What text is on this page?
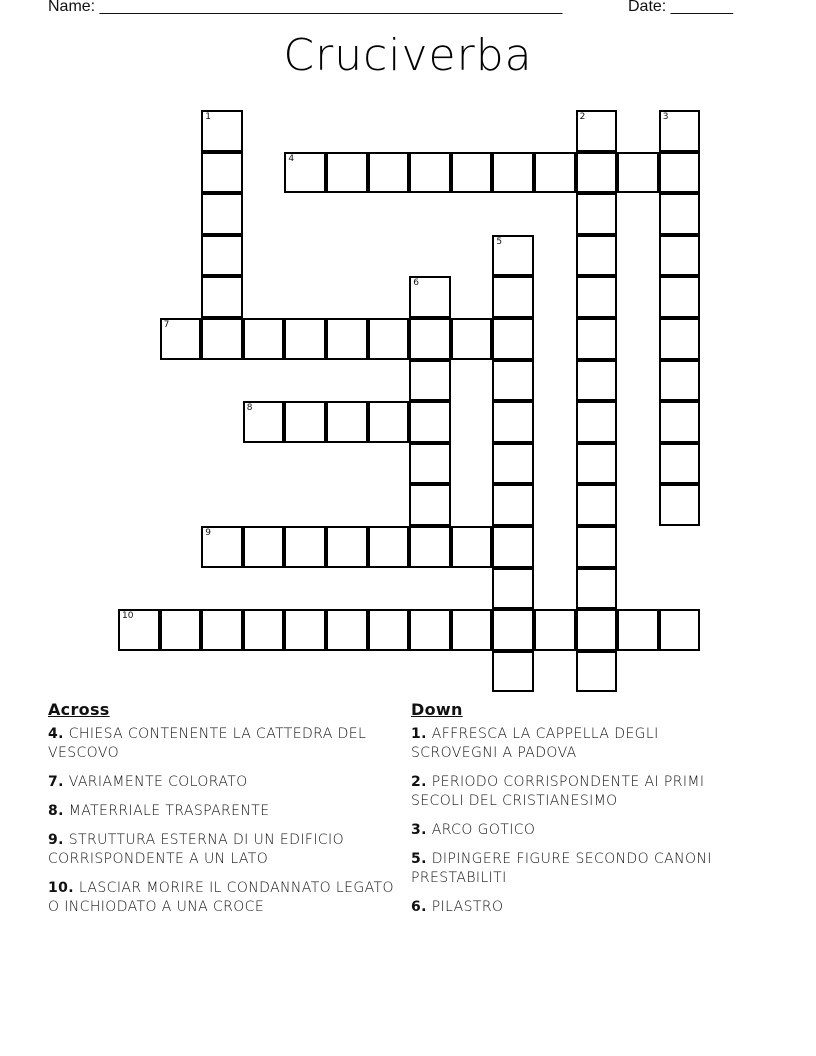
Name: ____________________________________________________	Date: _______
Cruciverba
1	2	3
4
5
6
7
8
9
10
Across
4. CHIESA CONTENENTE LA CATTEDRA DEL VESCOVO
7. VARIAMENTE COLORATO
8. MATERRIALE TRASPARENTE
9. STRUTTURA ESTERNA DI UN EDIFICIO CORRISPONDENTE A UN LATO
10. LASCIAR MORIRE IL CONDANNATO LEGATO O INCHIODATO A UNA CROCE
Down
1. AFFRESCA LA CAPPELLA DEGLI SCROVEGNI A PADOVA
2. PERIODO CORRISPONDENTE AI PRIMI SECOLI DEL CRISTIANESIMO
3. ARCO GOTICO
5. DIPINGERE FIGURE SECONDO CANONI PRESTABILITI
6. PILASTRO
